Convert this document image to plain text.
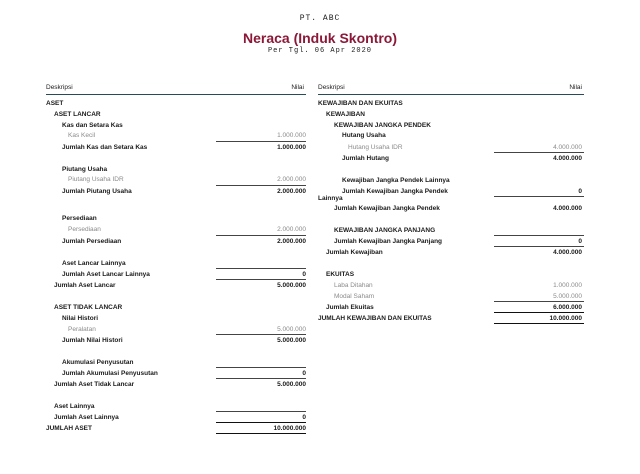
PT. ABC
Neraca (Induk Skontro)
Per Tgl. 06 Apr 2020
Deskripsi	Nilai Deskripsi	Nilai
ASET
ASET LANCAR
Kas dan Setara Kas
Kas Kecil	1.000.000
Jumlah Kas dan Setara Kas	1.000.000
Piutang Usaha
Piutang Usaha IDR	2.000.000
Jumlah Piutang Usaha	2.000.000
Persediaan
Persediaan	2.000.000
Jumlah Persediaan	2.000.000
Aset Lancar Lainnya
Jumlah Aset Lancar Lainnya	0
Jumlah Aset Lancar	5.000.000
ASET TIDAK LANCAR
Nilai Histori
Peralatan	5.000.000
Jumlah Nilai Histori	5.000.000
Akumulasi Penyusutan
Jumlah Akumulasi Penyusutan	0
Jumlah Aset Tidak Lancar	5.000.000
Aset Lainnya
Jumlah Aset Lainnya	0
JUMLAH ASET	10.000.000
KEWAJIBAN DAN EKUITAS
KEWAJIBAN
KEWAJIBAN JANGKA PENDEK
Hutang Usaha
Hutang Usaha IDR	4.000.000
Jumlah Hutang	4.000.000
Kewajiban Jangka Pendek Lainnya
Jumlah Kewajiban Jangka Pendek	0
Lainnya
Jumlah Kewajiban Jangka Pendek	4.000.000
KEWAJIBAN JANGKA PANJANG
Jumlah Kewajiban Jangka Panjang	0
Jumlah Kewajiban	4.000.000
EKUITAS
Laba Ditahan	1.000.000
Modal Saham	5.000.000
Jumlah Ekuitas	6.000.000
JUMLAH KEWAJIBAN DAN EKUITAS	10.000.000
